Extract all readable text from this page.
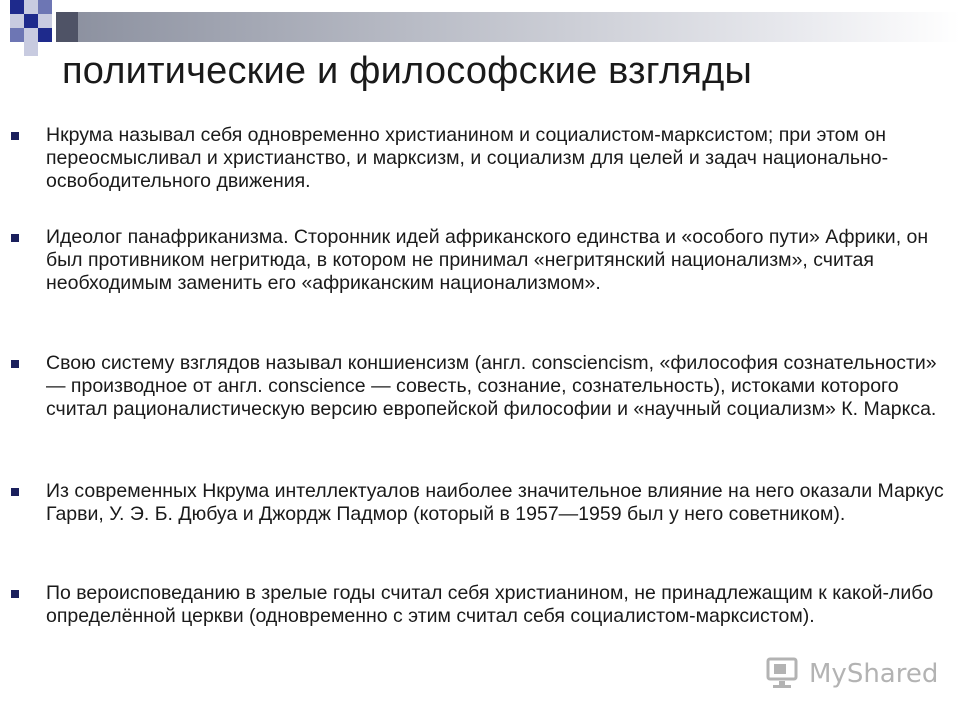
политические и философские взгляды
Нкрума называл себя одновременно христианином и социалистом-марксистом; при этом он переосмысливал и христианство, и марксизм, и социализм для целей и задач национально-освободительного движения.
Идеолог панафриканизма. Сторонник идей африканского единства и «особого пути» Африки, он был противником негритюда, в котором не принимал «негритянский национализм», считая необходимым заменить его «африканским национализмом».
Свою систему взглядов называл коншиенсизм (англ. consciencism, «философия сознательности» — производное от англ. conscience — совесть, сознание, сознательность), истоками которого считал рационалистическую версию европейской философии и «научный социализм» К. Маркса.
Из современных Нкрума интеллектуалов наиболее значительное влияние на него оказали Маркус Гарви, У. Э. Б. Дюбуа и Джордж Падмор (который в 1957—1959 был у него советником).
По вероисповеданию в зрелые годы считал себя христианином, не принадлежащим к какой-либо определённой церкви (одновременно с этим считал себя социалистом-марксистом).
MyShared
